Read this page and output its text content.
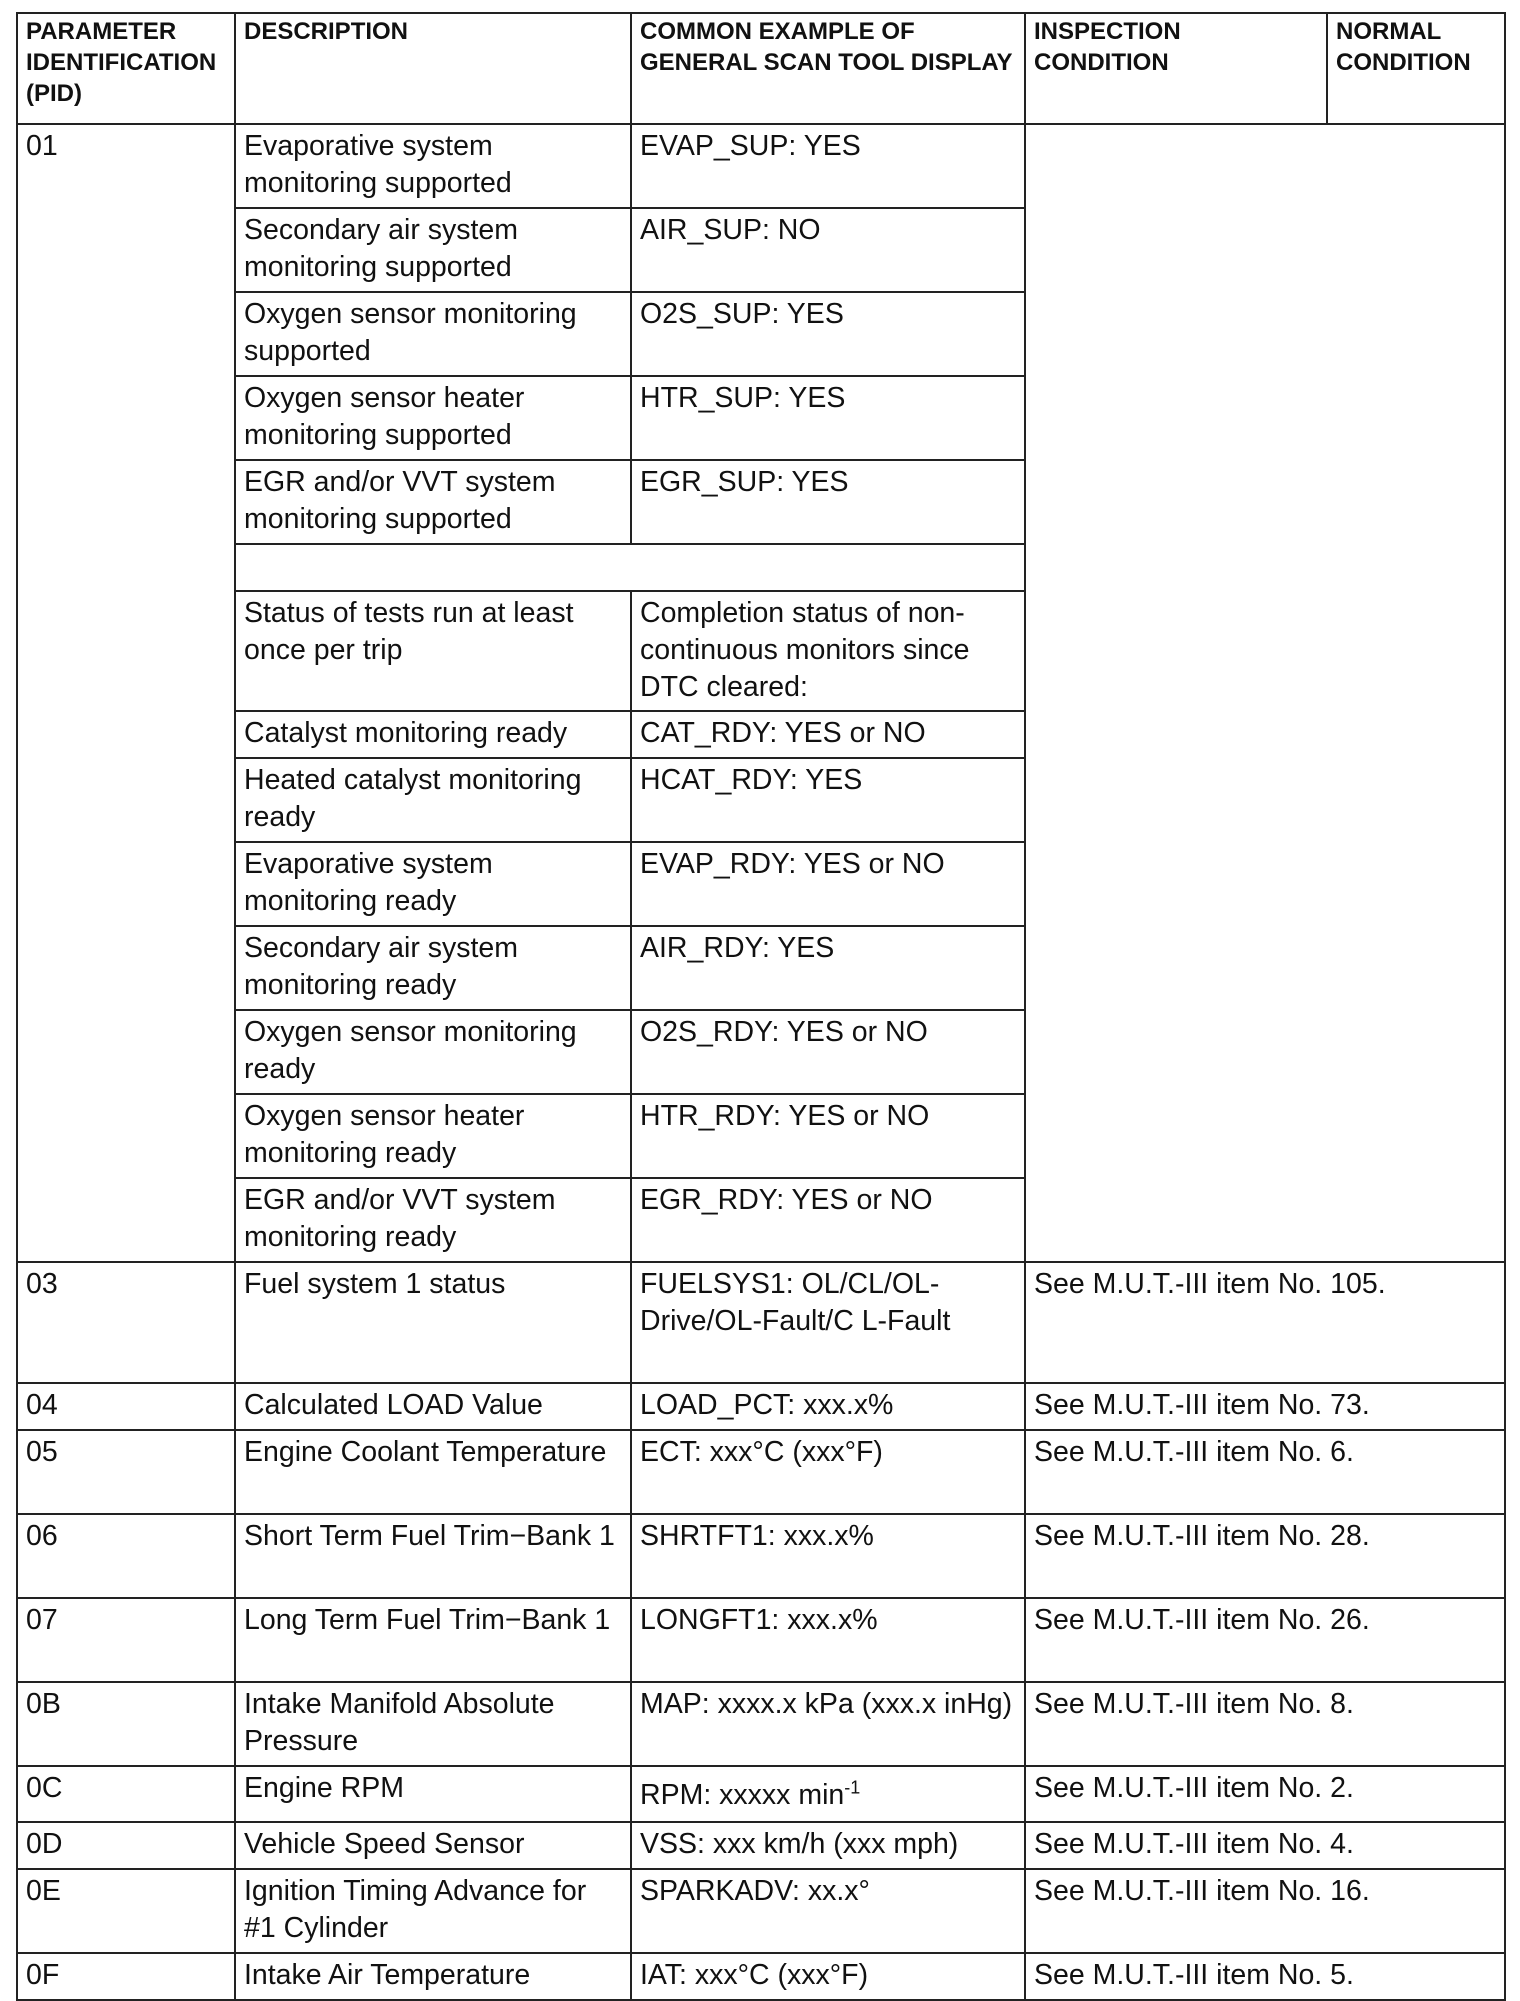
PARAMETER IDENTIFICATION (PID)	DESCRIPTION	COMMON EXAMPLE OF GENERAL SCAN TOOL DISPLAY	INSPECTION CONDITION	NORMAL CONDITION
01	Evaporative system monitoring supported	EVAP_SUP: YES		
	Secondary air system monitoring supported	AIR_SUP: NO		
	Oxygen sensor monitoring supported	O2S_SUP: YES		
	Oxygen sensor heater monitoring supported	HTR_SUP: YES		
	EGR and/or VVT system monitoring supported	EGR_SUP: YES		

	Status of tests run at least once per trip	Completion status of non-continuous monitors since DTC cleared:		
	Catalyst monitoring ready	CAT_RDY: YES or NO		
	Heated catalyst monitoring ready	HCAT_RDY: YES		
	Evaporative system monitoring ready	EVAP_RDY: YES or NO		
	Secondary air system monitoring ready	AIR_RDY: YES		
	Oxygen sensor monitoring ready	O2S_RDY: YES or NO		
	Oxygen sensor heater monitoring ready	HTR_RDY: YES or NO		
	EGR and/or VVT system monitoring ready	EGR_RDY: YES or NO		
03	Fuel system 1 status	FUELSYS1: OL/CL/OL-Drive/OL-Fault/C L-Fault	See M.U.T.-III item No. 105.	
04	Calculated LOAD Value	LOAD_PCT: xxx.x%	See M.U.T.-III item No. 73.	
05	Engine Coolant Temperature	ECT: xxx°C (xxx°F)	See M.U.T.-III item No. 6.	
06	Short Term Fuel Trim−Bank 1	SHRTFT1: xxx.x%	See M.U.T.-III item No. 28.	
07	Long Term Fuel Trim−Bank 1	LONGFT1: xxx.x%	See M.U.T.-III item No. 26.	
0B	Intake Manifold Absolute Pressure	MAP: xxxx.x kPa (xxx.x inHg)	See M.U.T.-III item No. 8.	
0C	Engine RPM	RPM: xxxxx $\min^{-1}$	See M.U.T.-III item No. 2.	
0D	Vehicle Speed Sensor	VSS: xxx km/h (xxx mph)	See M.U.T.-III item No. 4.	
0E	Ignition Timing Advance for #1 Cylinder	SPARKADV: xx.x°	See M.U.T.-III item No. 16.	
0F	Intake Air Temperature	IAT: xxx°C (xxx°F)	See M.U.T.-III item No. 5.	
